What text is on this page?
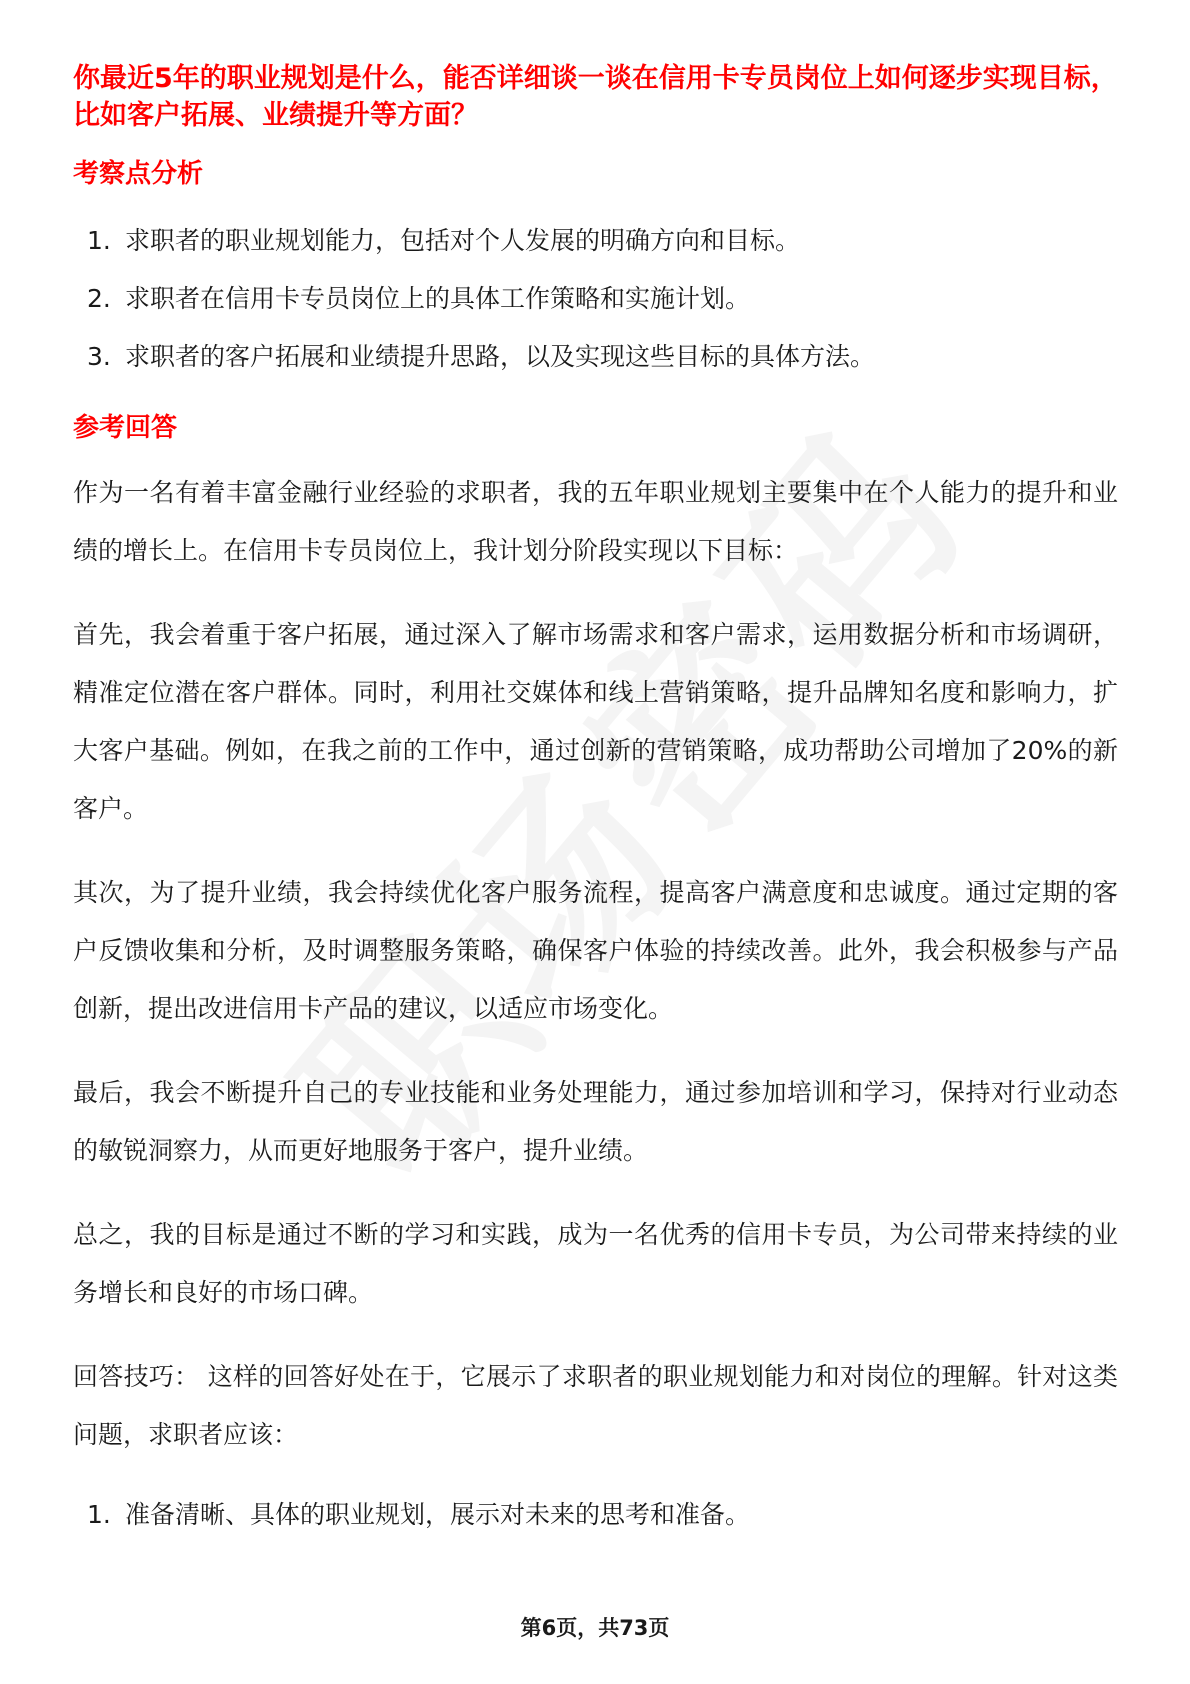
你最近5年的职业规划是什么，能否详细谈一谈在信用卡专员岗位上如何逐步实现目标，比如客户拓展、业绩提升等方面？

考察点分析

1. 求职者的职业规划能力，包括对个人发展的明确方向和目标。
2. 求职者在信用卡专员岗位上的具体工作策略和实施计划。
3. 求职者的客户拓展和业绩提升思路，以及实现这些目标的具体方法。

参考回答

作为一名有着丰富金融行业经验的求职者，我的五年职业规划主要集中在个人能力的提升和业绩的增长上。在信用卡专员岗位上，我计划分阶段实现以下目标：

首先，我会着重于客户拓展，通过深入了解市场需求和客户需求，运用数据分析和市场调研，精准定位潜在客户群体。同时，利用社交媒体和线上营销策略，提升品牌知名度和影响力，扩大客户基础。例如，在我之前的工作中，通过创新的营销策略，成功帮助公司增加了20%的新客户。

其次，为了提升业绩，我会持续优化客户服务流程，提高客户满意度和忠诚度。通过定期的客户反馈收集和分析，及时调整服务策略，确保客户体验的持续改善。此外，我会积极参与产品创新，提出改进信用卡产品的建议，以适应市场变化。

最后，我会不断提升自己的专业技能和业务处理能力，通过参加培训和学习，保持对行业动态的敏锐洞察力，从而更好地服务于客户，提升业绩。

总之，我的目标是通过不断的学习和实践，成为一名优秀的信用卡专员，为公司带来持续的业务增长和良好的市场口碑。

回答技巧： 这样的回答好处在于，它展示了求职者的职业规划能力和对岗位的理解。针对这类问题，求职者应该：

1. 准备清晰、具体的职业规划，展示对未来的思考和准备。
第6页，共73页
